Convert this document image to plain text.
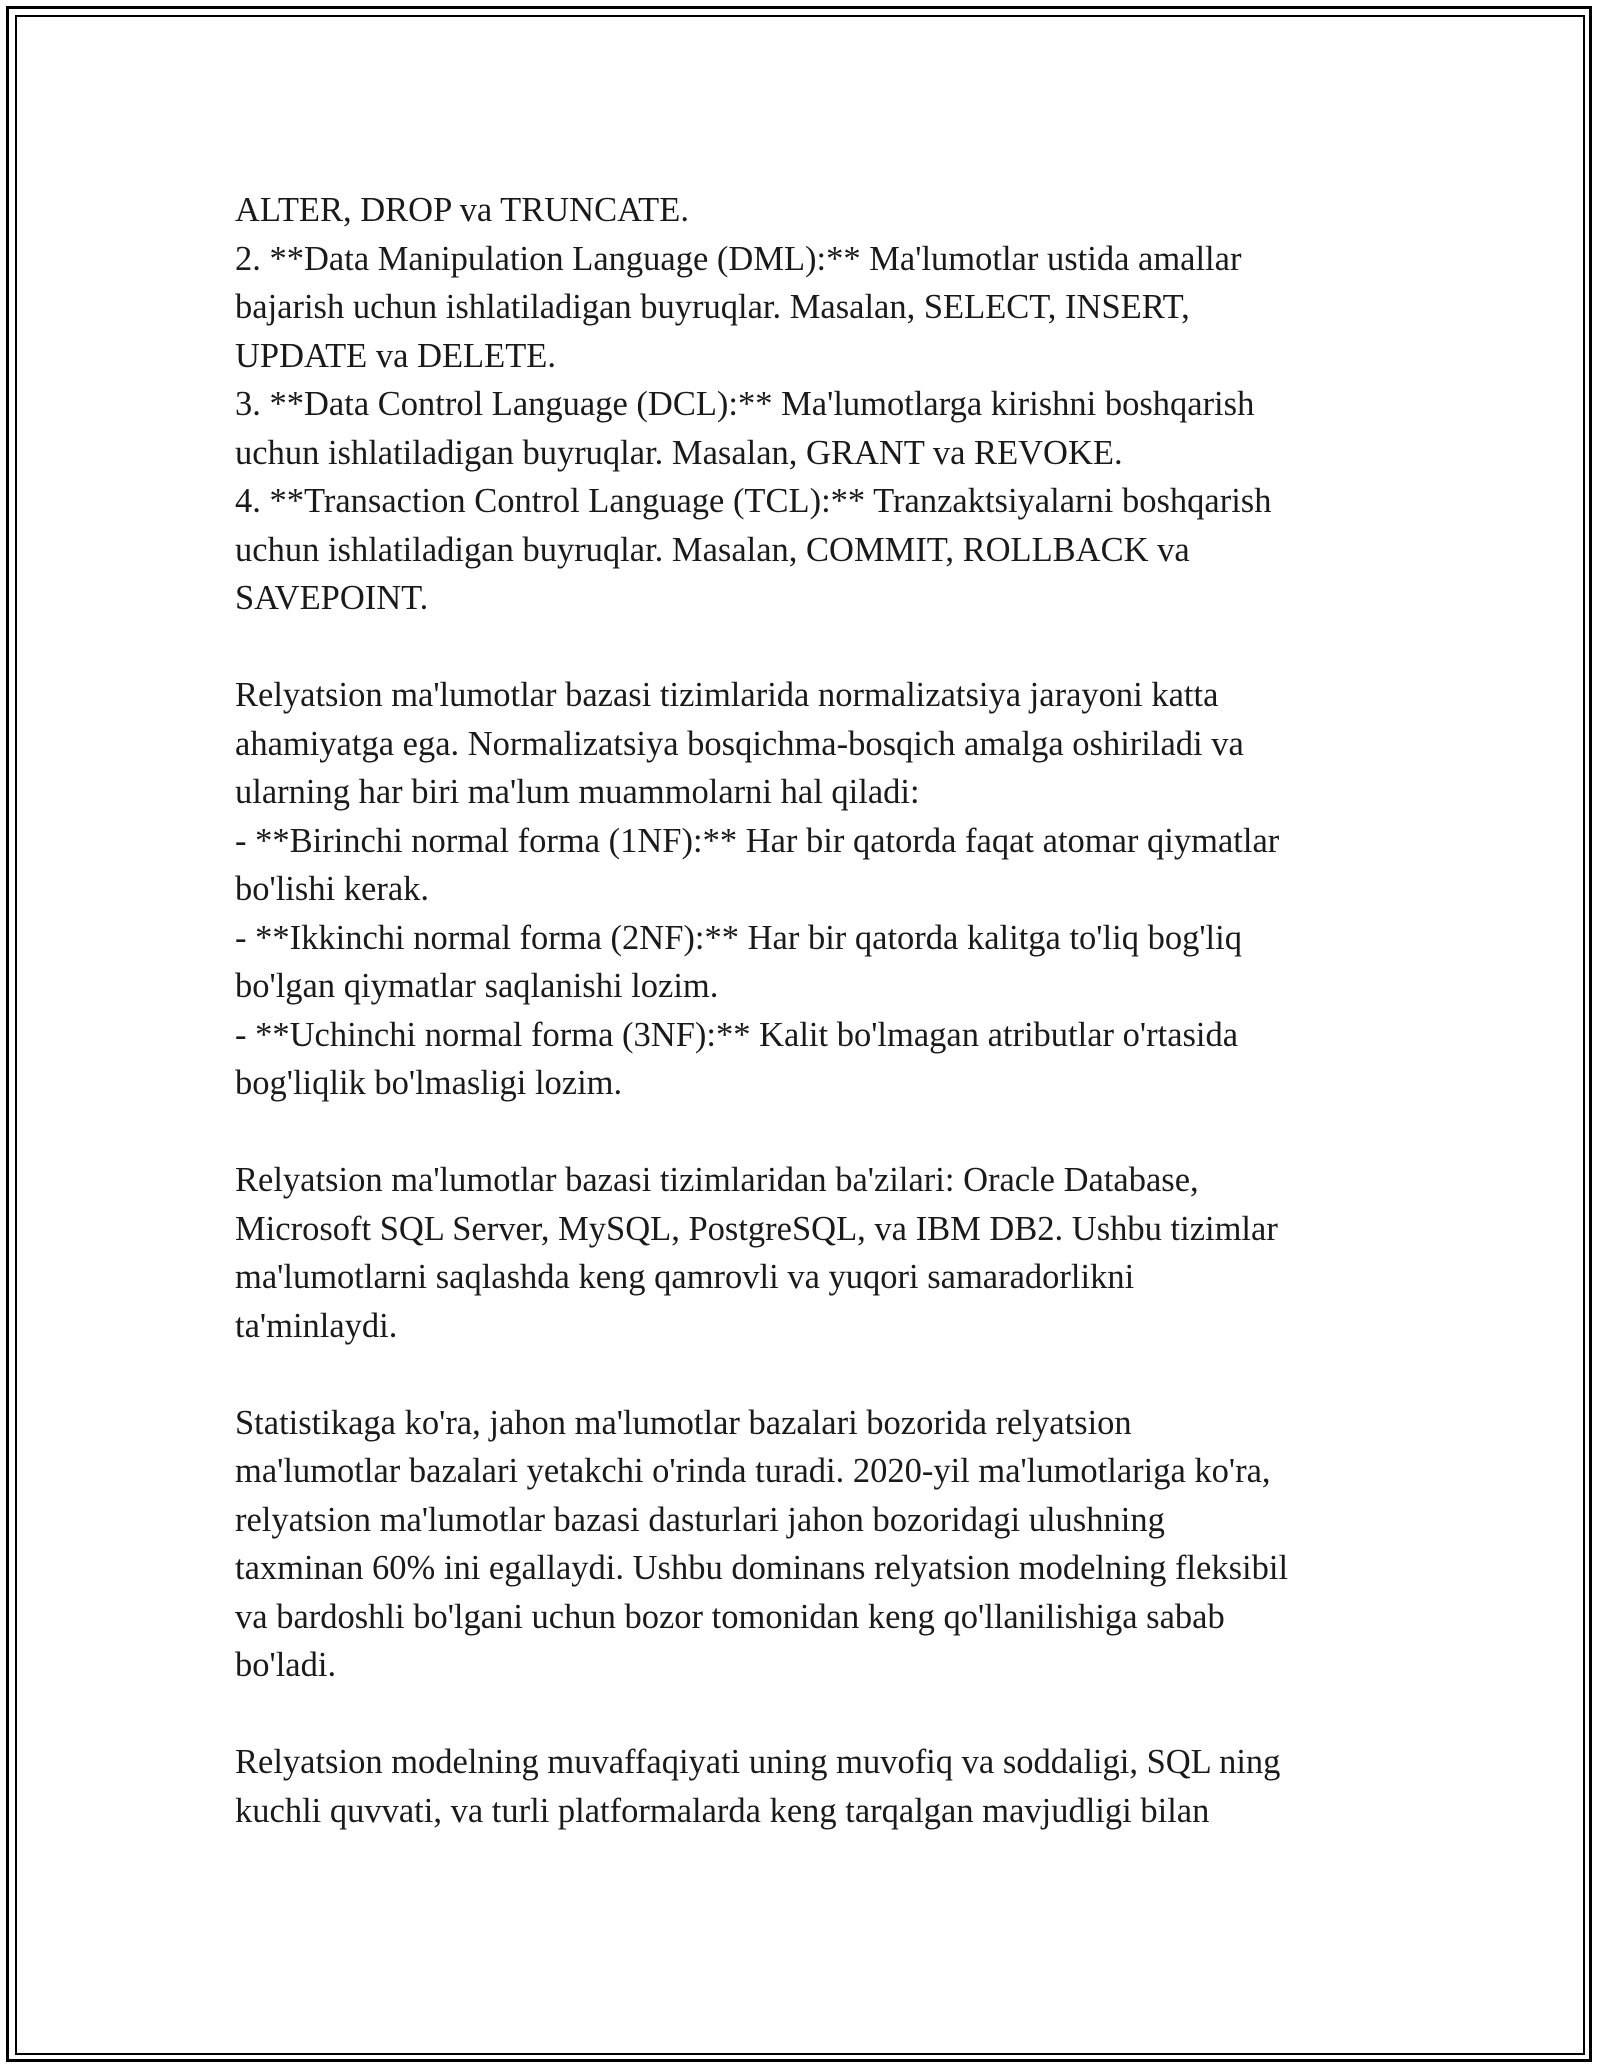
ALTER, DROP va TRUNCATE.
2. **Data Manipulation Language (DML):** Ma'lumotlar ustida amallar
bajarish uchun ishlatiladigan buyruqlar. Masalan, SELECT, INSERT,
UPDATE va DELETE.
3. **Data Control Language (DCL):** Ma'lumotlarga kirishni boshqarish
uchun ishlatiladigan buyruqlar. Masalan, GRANT va REVOKE.
4. **Transaction Control Language (TCL):** Tranzaktsiyalarni boshqarish
uchun ishlatiladigan buyruqlar. Masalan, COMMIT, ROLLBACK va
SAVEPOINT.
Relyatsion ma'lumotlar bazasi tizimlarida normalizatsiya jarayoni katta
ahamiyatga ega. Normalizatsiya bosqichma-bosqich amalga oshiriladi va
ularning har biri ma'lum muammolarni hal qiladi:
- **Birinchi normal forma (1NF):** Har bir qatorda faqat atomar qiymatlar
bo'lishi kerak.
- **Ikkinchi normal forma (2NF):** Har bir qatorda kalitga to'liq bog'liq
bo'lgan qiymatlar saqlanishi lozim.
- **Uchinchi normal forma (3NF):** Kalit bo'lmagan atributlar o'rtasida
bog'liqlik bo'lmasligi lozim.
Relyatsion ma'lumotlar bazasi tizimlaridan ba'zilari: Oracle Database,
Microsoft SQL Server, MySQL, PostgreSQL, va IBM DB2. Ushbu tizimlar
ma'lumotlarni saqlashda keng qamrovli va yuqori samaradorlikni
ta'minlaydi.
Statistikaga ko'ra, jahon ma'lumotlar bazalari bozorida relyatsion
ma'lumotlar bazalari yetakchi o'rinda turadi. 2020-yil ma'lumotlariga ko'ra,
relyatsion ma'lumotlar bazasi dasturlari jahon bozoridagi ulushning
taxminan 60% ini egallaydi. Ushbu dominans relyatsion modelning fleksibil
va bardoshli bo'lgani uchun bozor tomonidan keng qo'llanilishiga sabab
bo'ladi.
Relyatsion modelning muvaffaqiyati uning muvofiq va soddaligi, SQL ning
kuchli quvvati, va turli platformalarda keng tarqalgan mavjudligi bilan
